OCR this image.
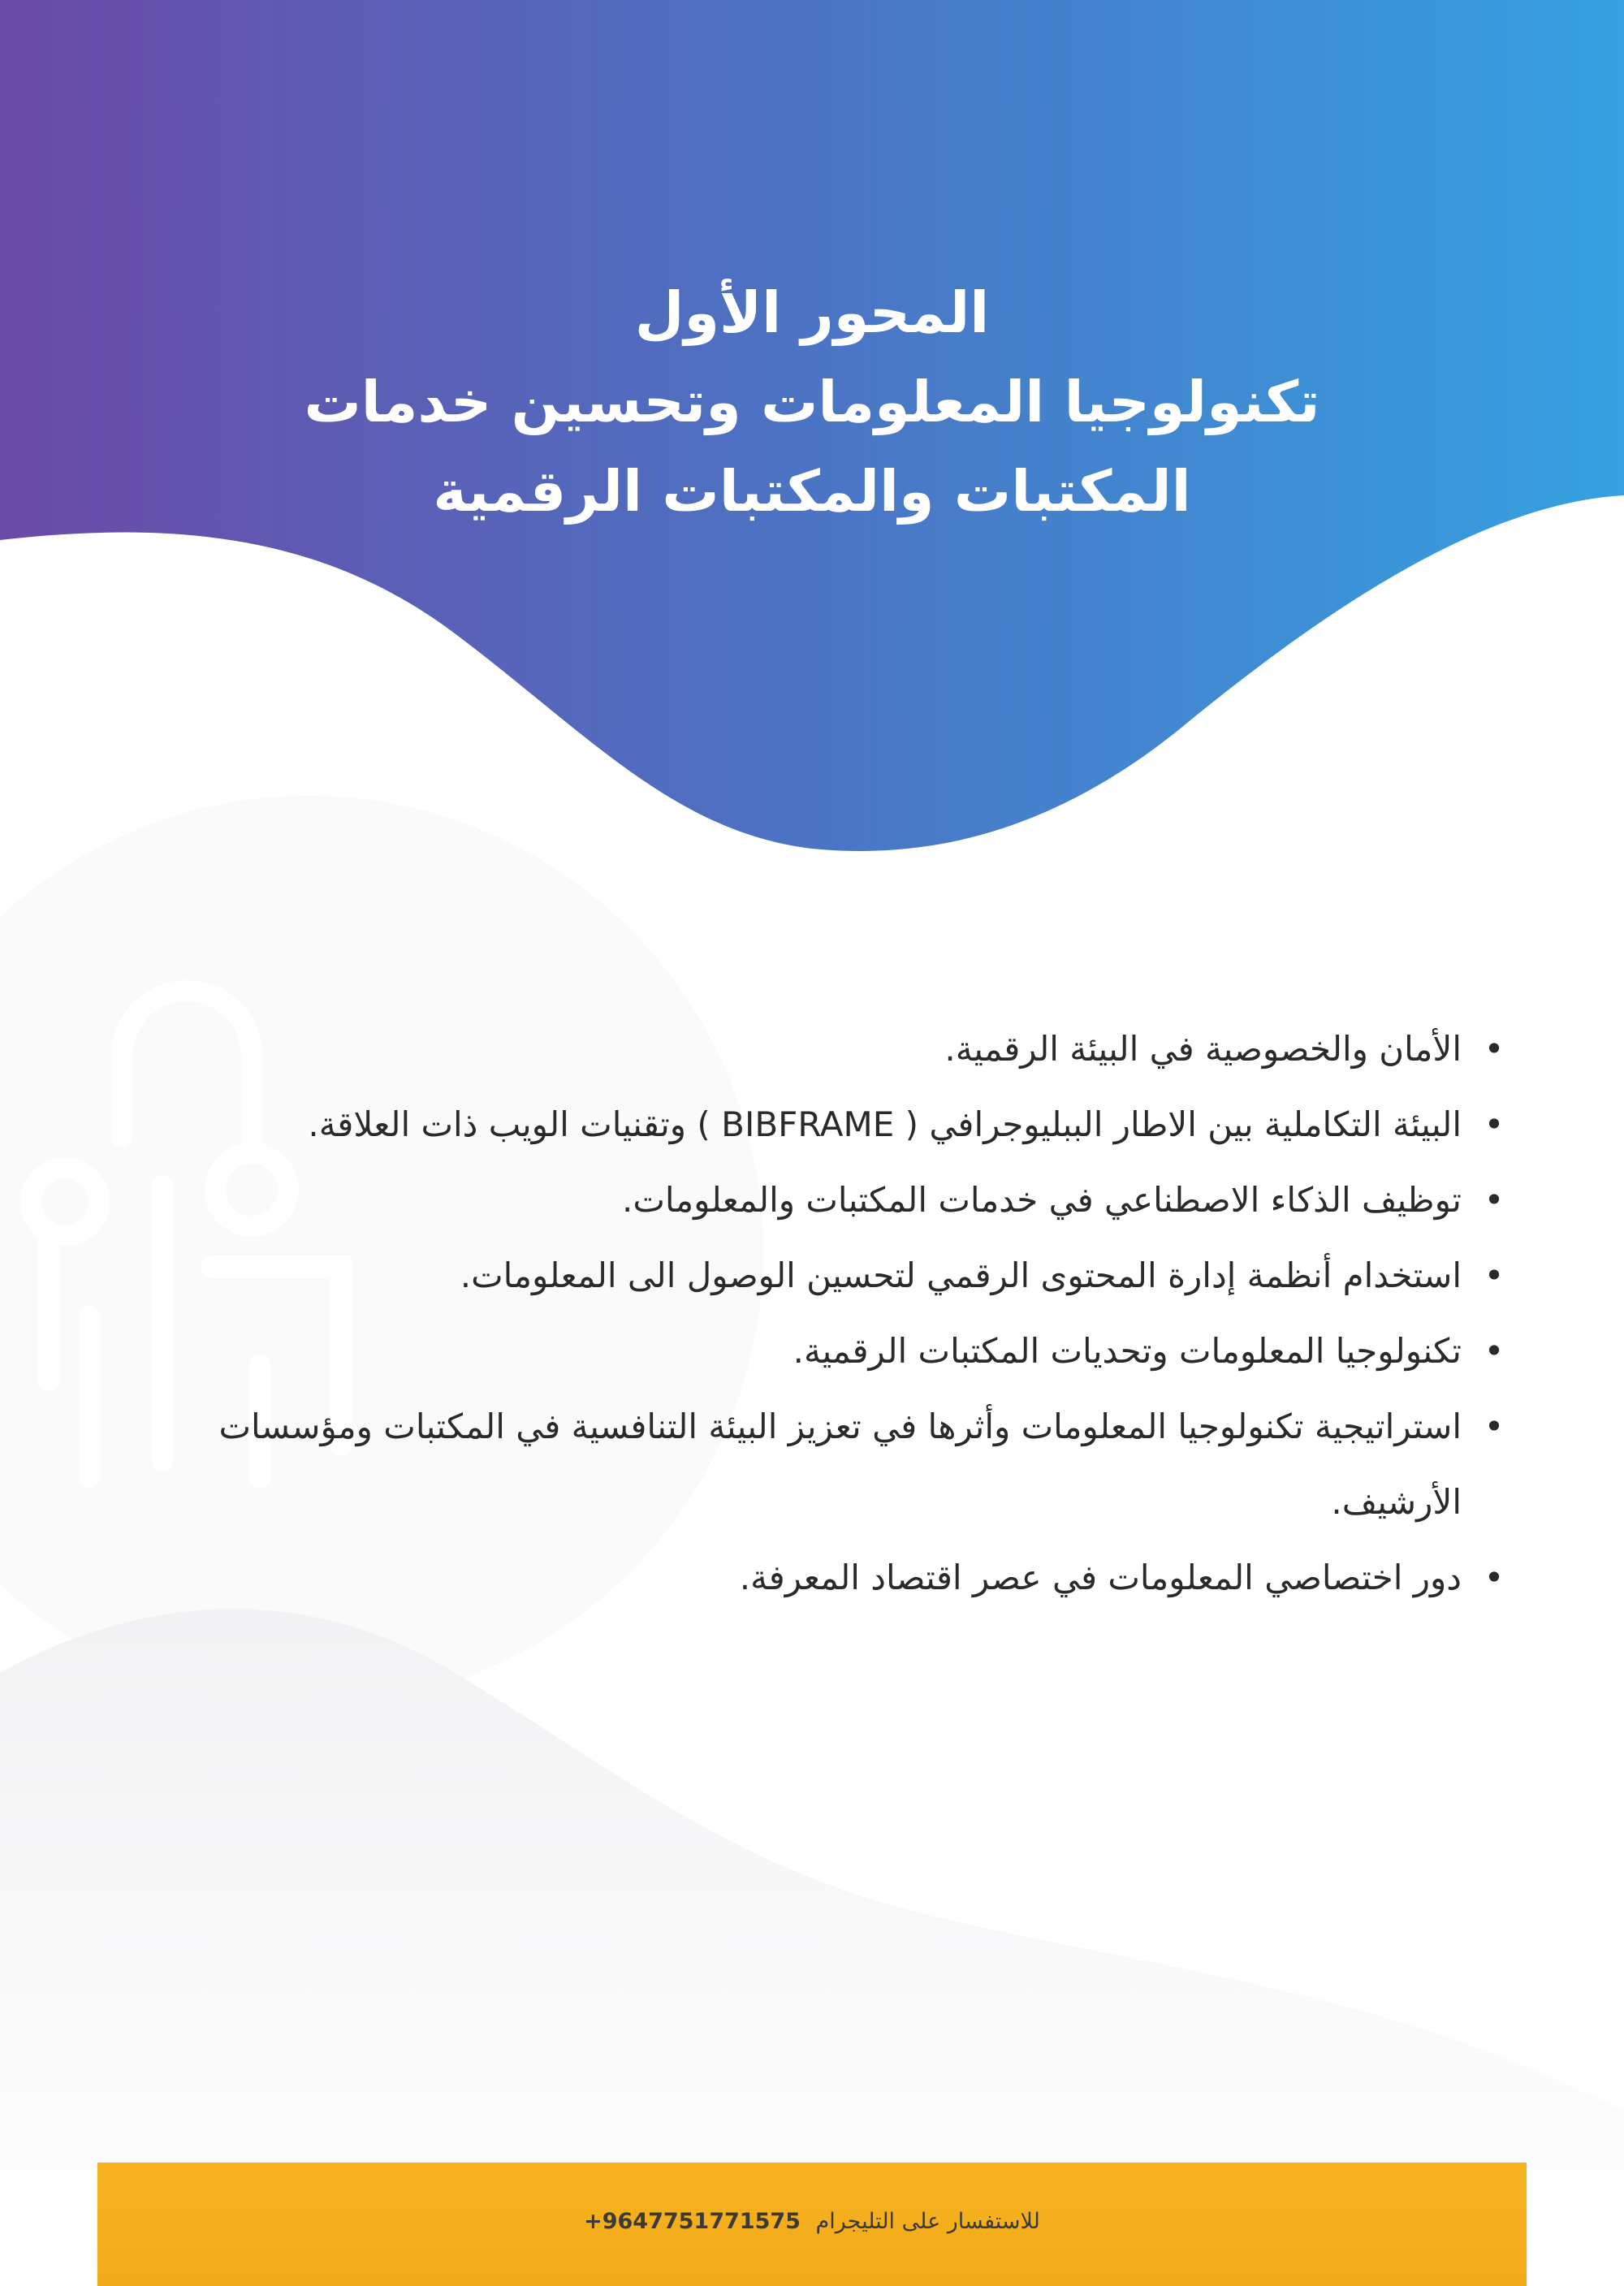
المحور الأول
تكنولوجيا المعلومات وتحسين خدمات
المكتبات والمكتبات الرقمية
•
الأمان والخصوصية في البيئة الرقمية.
•
البيئة التكاملية بين الاطار الببليوجرافي ( BIBFRAME ) وتقنيات الويب ذات العلاقة.
•
توظيف الذكاء الاصطناعي في خدمات المكتبات والمعلومات.
•
استخدام أنظمة إدارة المحتوى الرقمي لتحسين الوصول الى المعلومات.
•
تكنولوجيا المعلومات وتحديات المكتبات الرقمية.
•
استراتيجية تكنولوجيا المعلومات وأثرها في تعزيز البيئة التنافسية في المكتبات ومؤسسات الأرشيف.
•
دور اختصاصي المعلومات في عصر اقتصاد المعرفة.
للاستفسار على التليجرام +9647751771575
